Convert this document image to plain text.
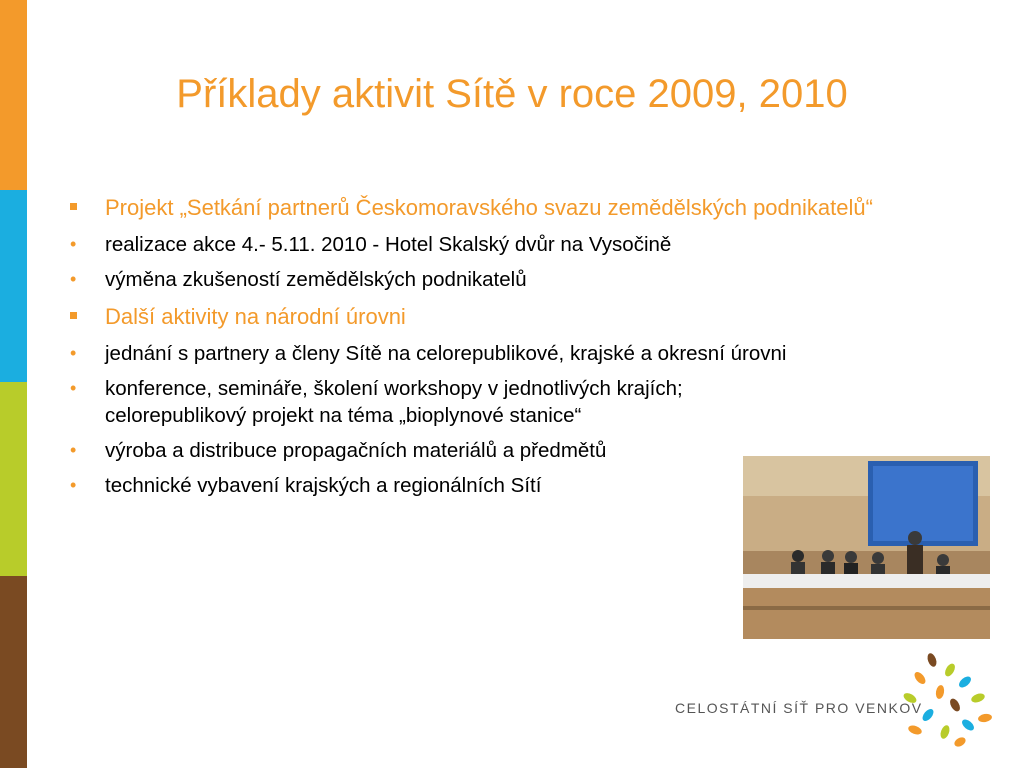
Příklady aktivit Sítě v roce 2009, 2010
Projekt „Setkání partnerů Českomoravského svazu zemědělských podnikatelů“
• realizace akce 4.- 5.11. 2010 - Hotel Skalský dvůr na Vysočině
• výměna zkušeností zemědělských podnikatelů
Další aktivity na národní úrovni
• jednání s partnery a členy Sítě na celorepublikové, krajské a okresní úrovni
• konference, semináře, školení workshopy v jednotlivých krajích; celorepublikový projekt na téma „bioplynové stanice“
• výroba a distribuce propagačních materiálů a předmětů
• technické vybavení krajských a regionálních Sítí
CELOSTÁTNÍ SÍŤ PRO VENKOV
